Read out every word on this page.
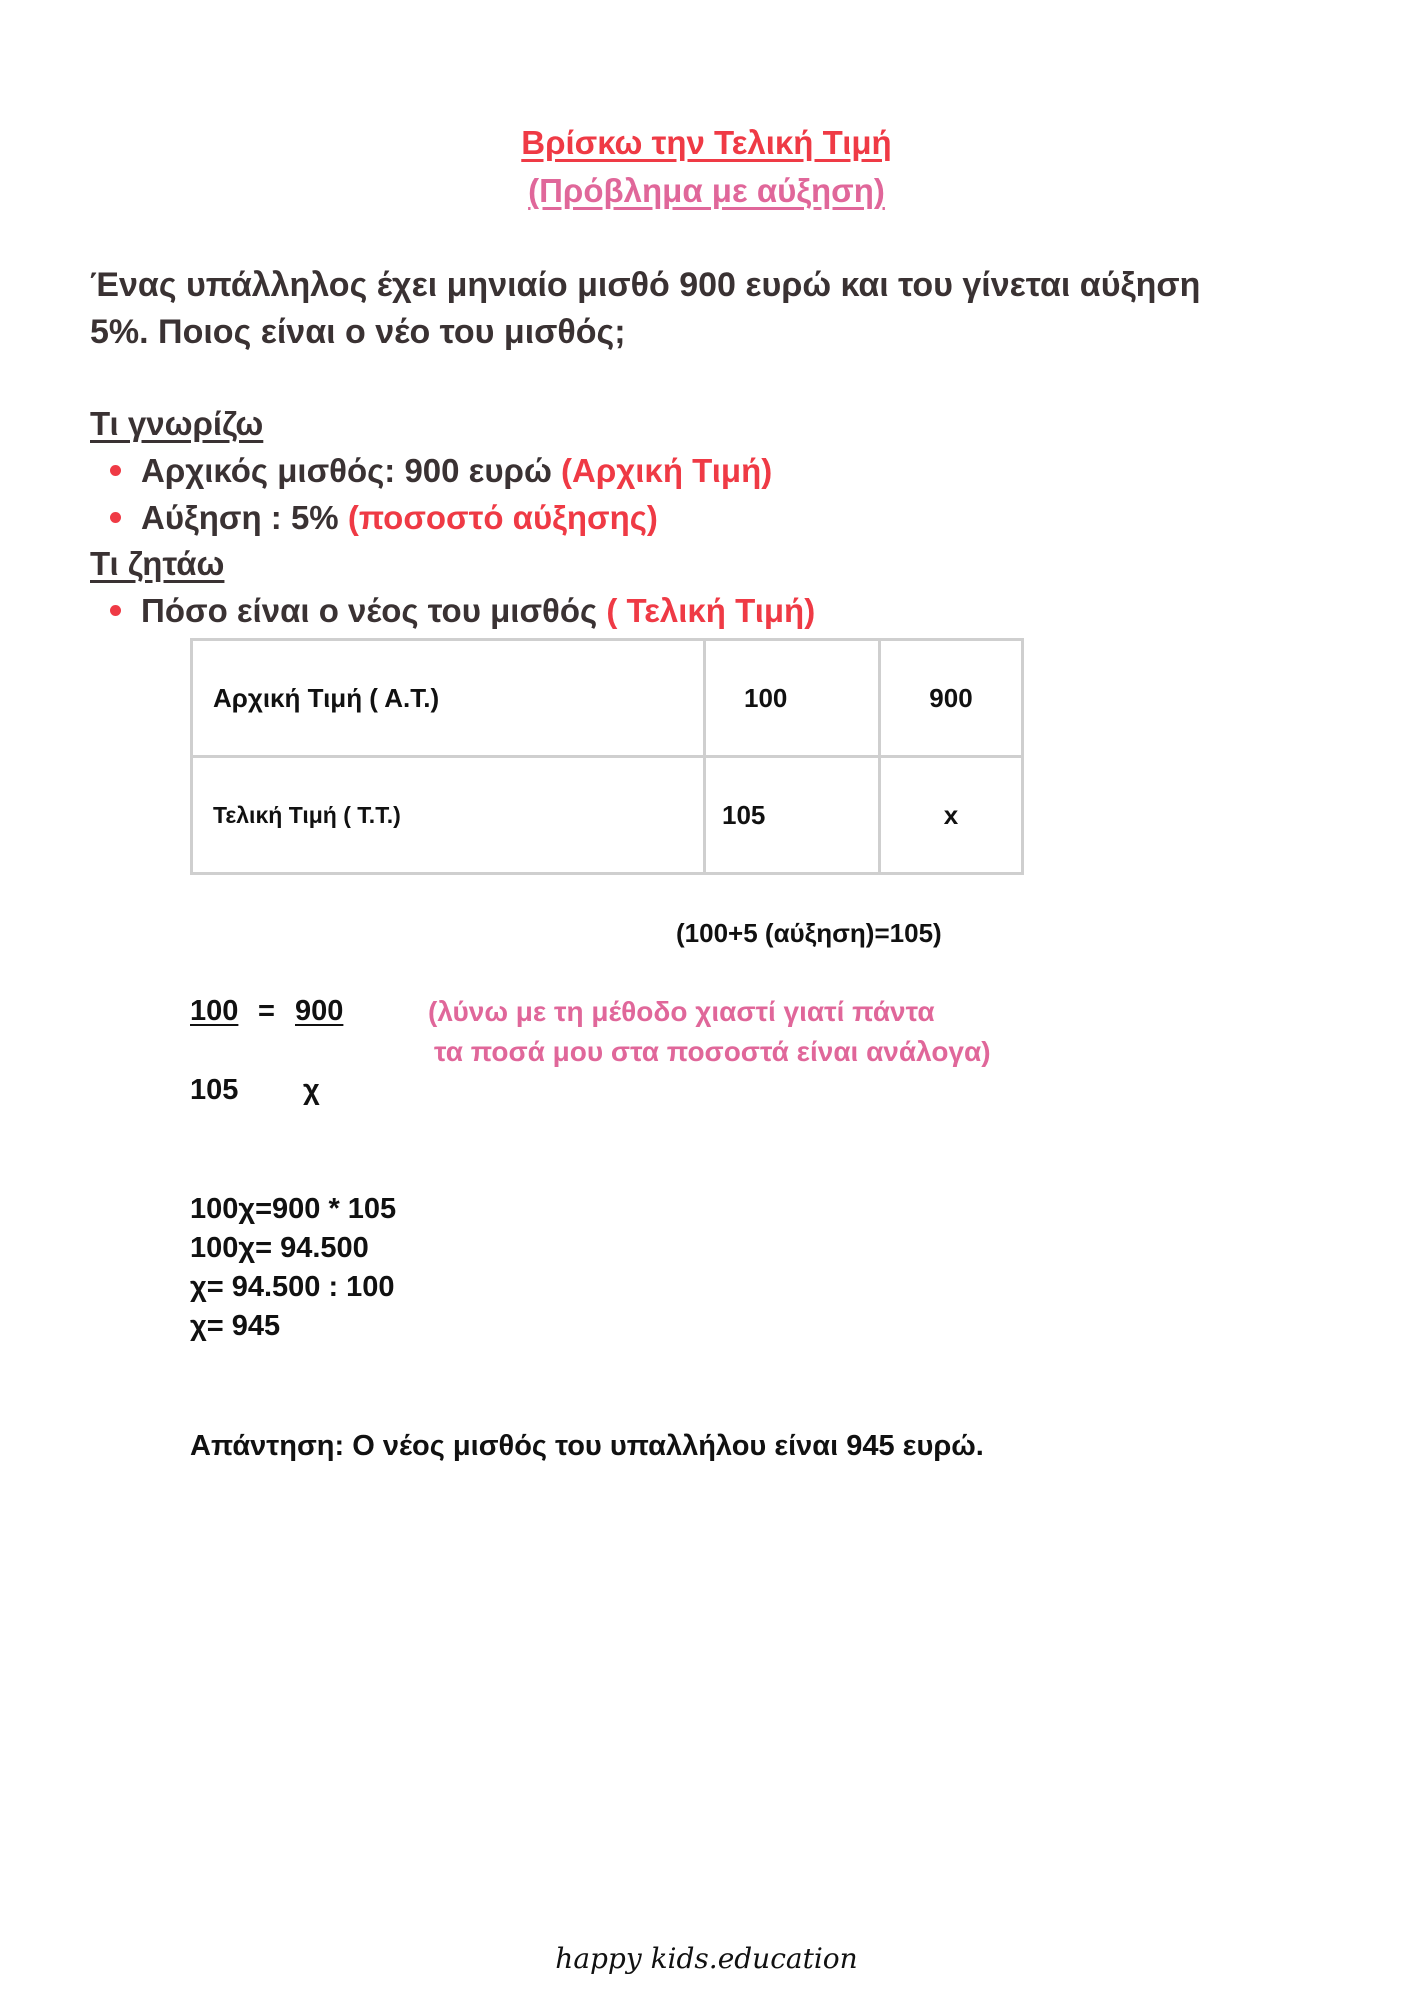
Βρίσκω την Τελική Τιμή
(Πρόβλημα με αύξηση)
Ένας υπάλληλος έχει μηνιαίο μισθό 900 ευρώ και του γίνεται αύξηση
5%. Ποιος είναι ο νέο του μισθός;
Τι γνωρίζω
Αρχικός μισθός: 900 ευρώ (Αρχική Τιμή)
Αύξηση : 5% (ποσοστό αύξησης)
Τι ζητάω
Πόσο είναι ο νέος του μισθός ( Τελική Τιμή)
Αρχική Τιμή ( Α.Τ.)	100	900
Τελική Τιμή ( Τ.Τ.)	105	x
(100+5 (αύξηση)=105)
100 = 900
105 χ
(λύνω με τη μέθοδο χιαστί γιατί πάντα
τα ποσά μου στα ποσοστά είναι ανάλογα)
100χ=900 * 105
100χ= 94.500
χ= 94.500 : 100
χ= 945
Απάντηση: Ο νέος μισθός του υπαλλήλου είναι 945 ευρώ.
happy kids.education
